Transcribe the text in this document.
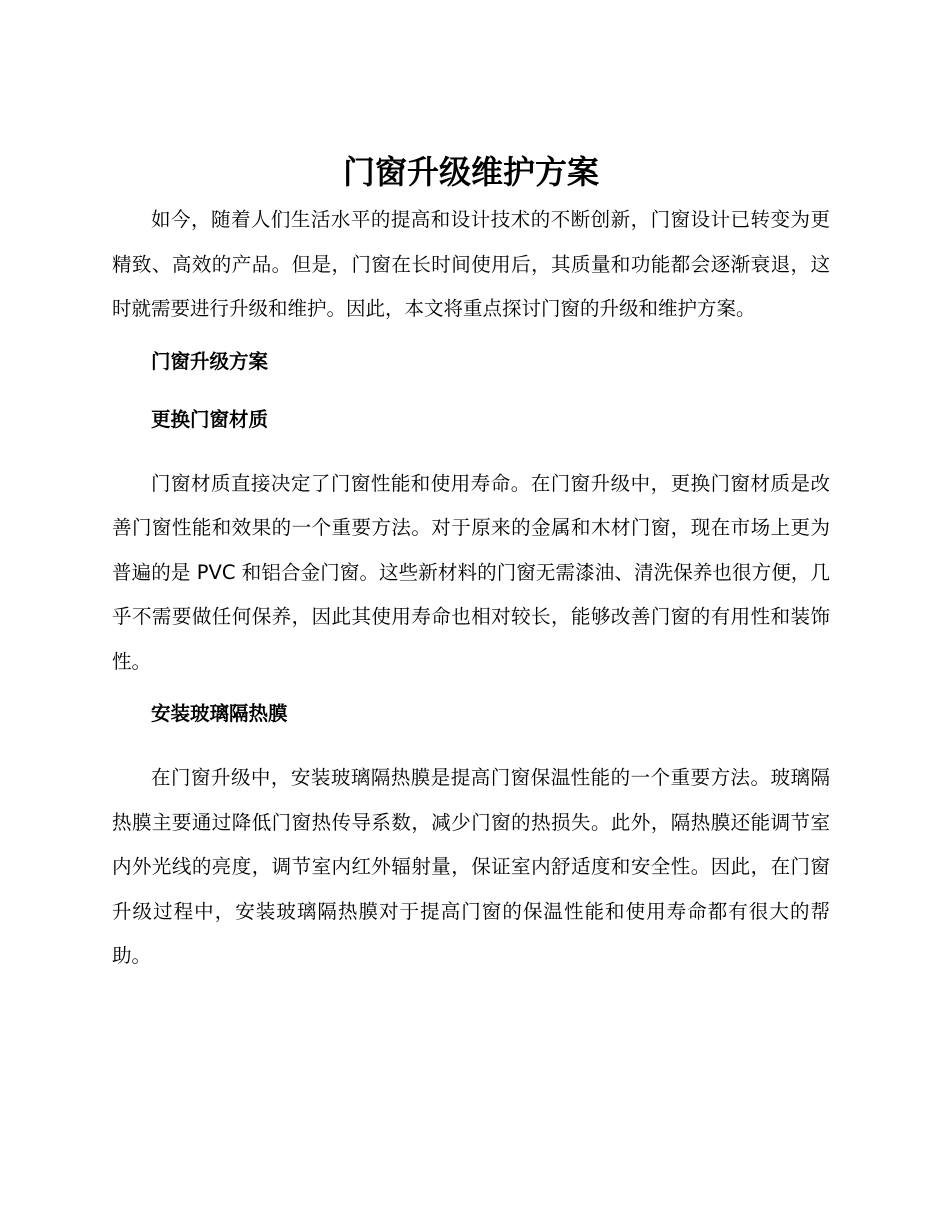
门窗升级维护方案

如今，随着人们生活水平的提高和设计技术的不断创新，门窗设计已转变为更精致、高效的产品。但是，门窗在长时间使用后，其质量和功能都会逐渐衰退，这时就需要进行升级和维护。因此，本文将重点探讨门窗的升级和维护方案。

门窗升级方案
更换门窗材质

门窗材质直接决定了门窗性能和使用寿命。在门窗升级中，更换门窗材质是改善门窗性能和效果的一个重要方法。对于原来的金属和木材门窗，现在市场上更为普遍的是 PVC 和铝合金门窗。这些新材料的门窗无需漆油、清洗保养也很方便，几乎不需要做任何保养，因此其使用寿命也相对较长，能够改善门窗的有用性和装饰性。

安装玻璃隔热膜

在门窗升级中，安装玻璃隔热膜是提高门窗保温性能的一个重要方法。玻璃隔热膜主要通过降低门窗热传导系数，减少门窗的热损失。此外，隔热膜还能调节室内外光线的亮度，调节室内红外辐射量，保证室内舒适度和安全性。因此，在门窗升级过程中，安装玻璃隔热膜对于提高门窗的保温性能和使用寿命都有很大的帮助。
